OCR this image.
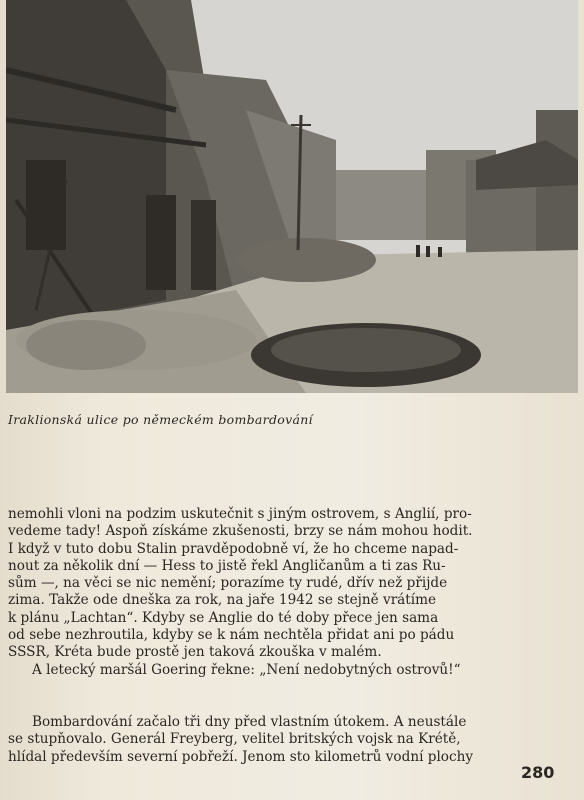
Iraklionská ulice po německém bombardování
nemohli vloni na podzim uskutečnit s jiným ostrovem, s Anglií, pro-
vedeme tady! Aspoň získáme zkušenosti, brzy se nám mohou hodit.
I když v tuto dobu Stalin pravděpodobně ví, že ho chceme napad-
nout za několik dní — Hess to jistě řekl Angličanům a ti zas Ru-
sům —, na věci se nic nemění; porazíme ty rudé, dřív než přijde
zima. Takže ode dneška za rok, na jaře 1942 se stejně vrátíme
k plánu „Lachtan“. Kdyby se Anglie do té doby přece jen sama
od sebe nezhroutila, kdyby se k nám nechtěla přidat ani po pádu
SSSR, Kréta bude prostě jen taková zkouška v malém.
A letecký maršál Goering řekne: „Není nedobytných ostrovů!“
Bombardování začalo tři dny před vlastním útokem. A neustále
se stupňovalo. Generál Freyberg, velitel britských vojsk na Krétě,
hlídal především severní pobřeží. Jenom sto kilometrů vodní plochy
280
